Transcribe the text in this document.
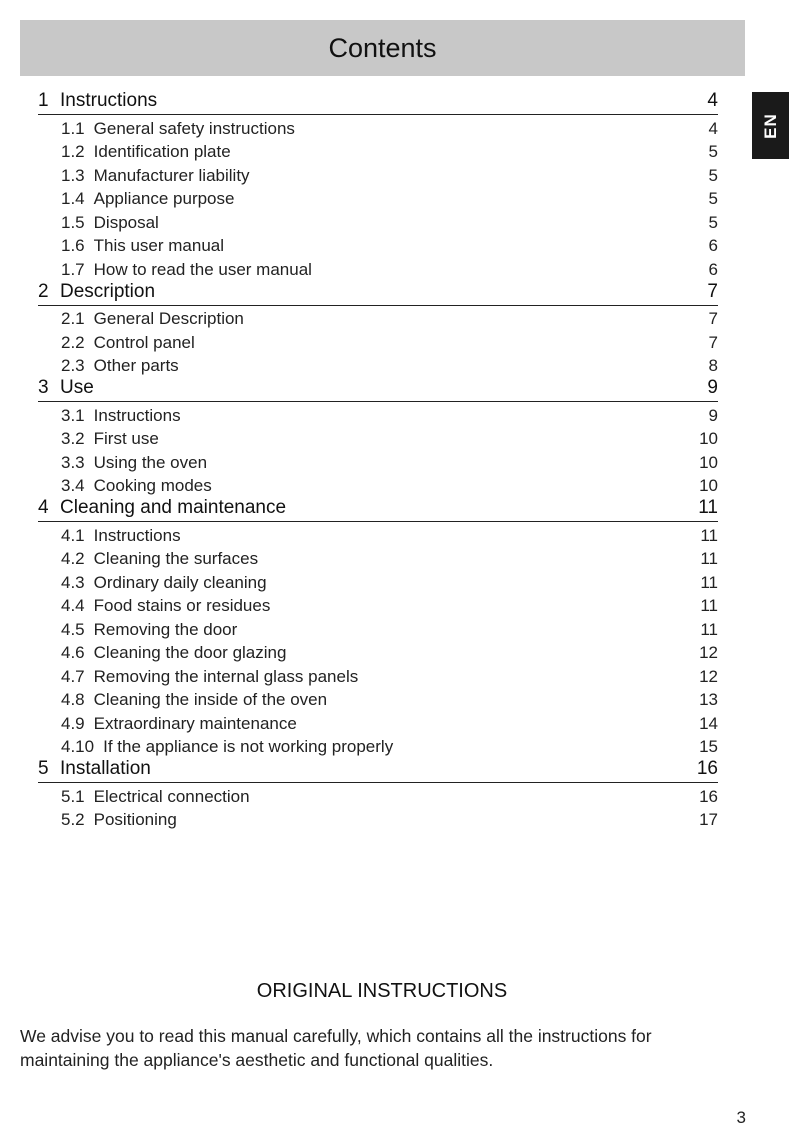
Contents
EN
1 Instructions	4
1.1 General safety instructions	4
1.2 Identification plate	5
1.3 Manufacturer liability	5
1.4 Appliance purpose	5
1.5 Disposal	5
1.6 This user manual	6
1.7 How to read the user manual	6
2 Description	7
2.1 General Description	7
2.2 Control panel	7
2.3 Other parts	8
3 Use	9
3.1 Instructions	9
3.2 First use	10
3.3 Using the oven	10
3.4 Cooking modes	10
4 Cleaning and maintenance	11
4.1 Instructions	11
4.2 Cleaning the surfaces	11
4.3 Ordinary daily cleaning	11
4.4 Food stains or residues	11
4.5 Removing the door	11
4.6 Cleaning the door glazing	12
4.7 Removing the internal glass panels	12
4.8 Cleaning the inside of the oven	13
4.9 Extraordinary maintenance	14
4.10 If the appliance is not working properly	15
5 Installation	16
5.1 Electrical connection	16
5.2 Positioning	17
ORIGINAL INSTRUCTIONS
We advise you to read this manual carefully, which contains all the instructions for maintaining the appliance's aesthetic and functional qualities.
3
